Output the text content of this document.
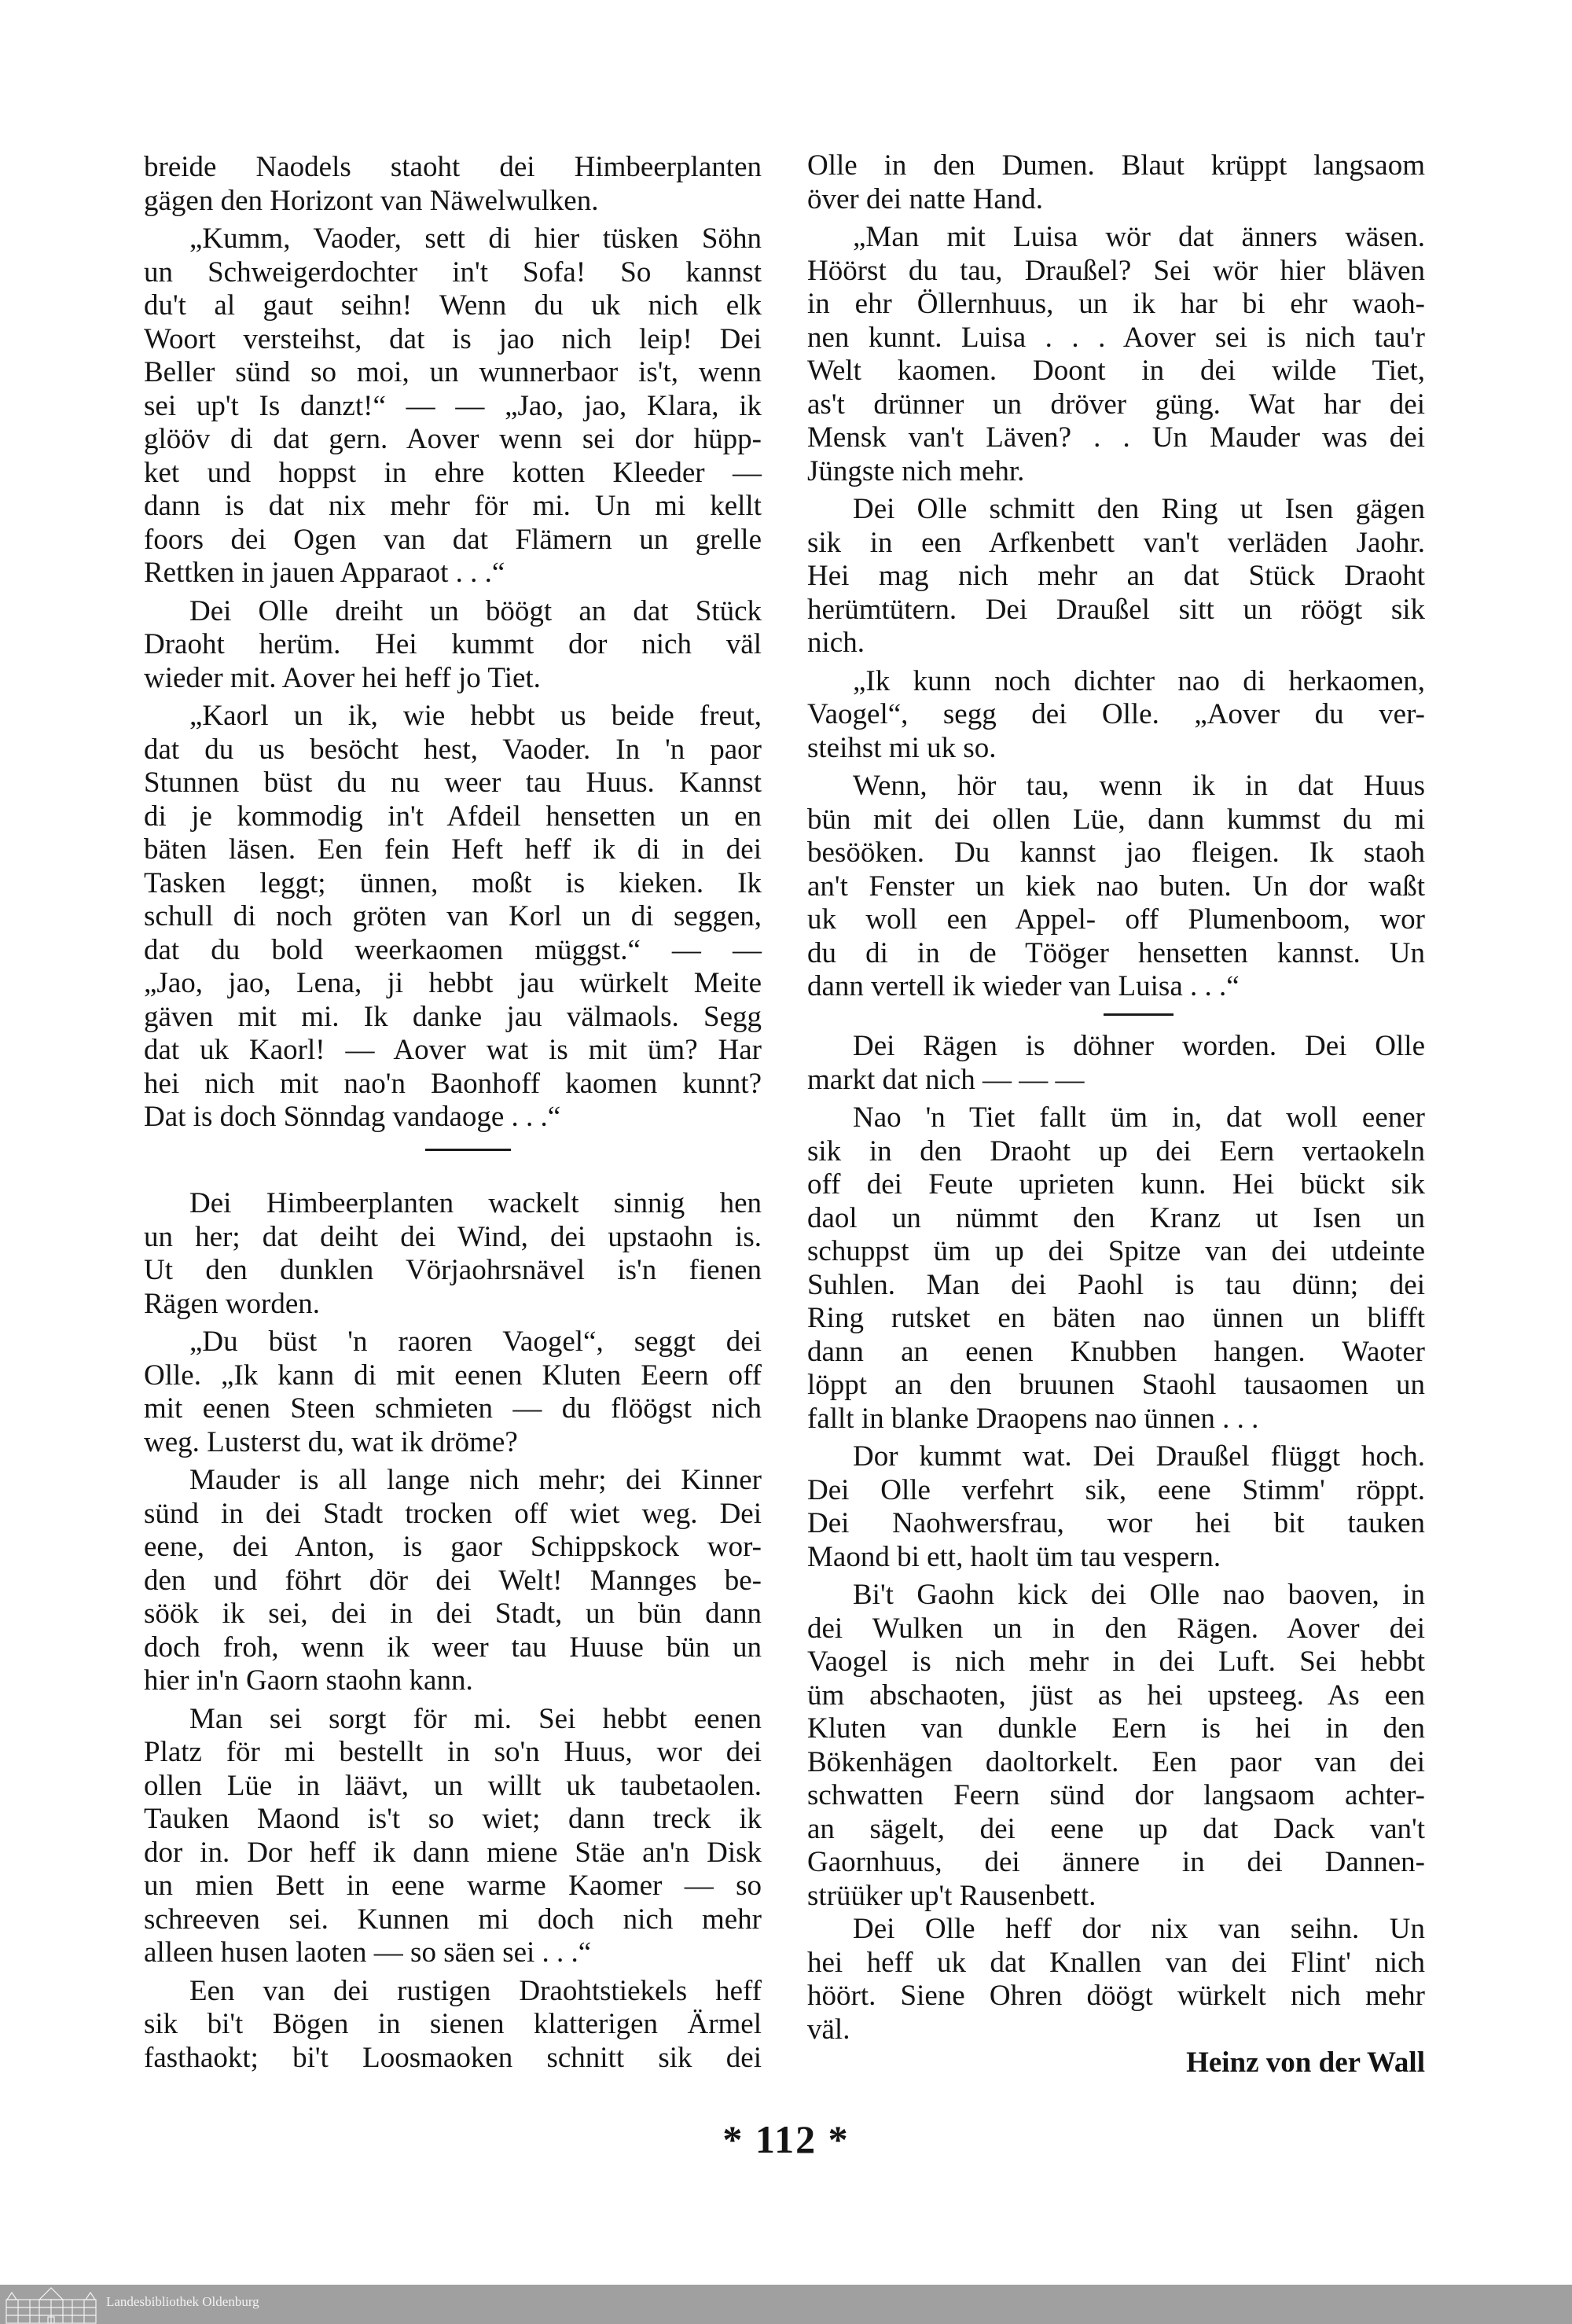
breide Naodels staoht dei Himbeerplanten
gägen den Horizont van Näwelwulken.
„Kumm, Vaoder, sett di hier tüsken Söhn
un Schweigerdochter in't Sofa! So kannst
du't al gaut seihn! Wenn du uk nich elk
Woort versteihst, dat is jao nich leip! Dei
Beller sünd so moi, un wunnerbaor is't, wenn
sei up't Is danzt!“ — — „Jao, jao, Klara, ik
glööv di dat gern. Aover wenn sei dor hüpp-
ket und hoppst in ehre kotten Kleeder —
dann is dat nix mehr för mi. Un mi kellt
foors dei Ogen van dat Flämern un grelle
Rettken in jauen Apparaot . . .“
Dei Olle dreiht un böögt an dat Stück
Draoht herüm. Hei kummt dor nich väl
wieder mit. Aover hei heff jo Tiet.
„Kaorl un ik, wie hebbt us beide freut,
dat du us besöcht hest, Vaoder. In 'n paor
Stunnen büst du nu weer tau Huus. Kannst
di je kommodig in't Afdeil hensetten un en
bäten läsen. Een fein Heft heff ik di in dei
Tasken leggt; ünnen, moßt is kieken. Ik
schull di noch gröten van Korl un di seggen,
dat du bold weerkaomen müggst.“ — —
„Jao, jao, Lena, ji hebbt jau würkelt Meite
gäven mit mi. Ik danke jau välmaols. Segg
dat uk Kaorl! — Aover wat is mit üm? Har
hei nich mit nao'n Baonhoff kaomen kunnt?
Dat is doch Sönndag vandaoge . . .“
Dei Himbeerplanten wackelt sinnig hen
un her; dat deiht dei Wind, dei upstaohn is.
Ut den dunklen Vörjaohrsnävel is'n fienen
Rägen worden.
„Du büst 'n raoren Vaogel“, seggt dei
Olle. „Ik kann di mit eenen Kluten Eeern off
mit eenen Steen schmieten — du flöögst nich
weg. Lusterst du, wat ik dröme?
Mauder is all lange nich mehr; dei Kinner
sünd in dei Stadt trocken off wiet weg. Dei
eene, dei Anton, is gaor Schippskock wor-
den und föhrt dör dei Welt! Mannges be-
söök ik sei, dei in dei Stadt, un bün dann
doch froh, wenn ik weer tau Huuse bün un
hier in'n Gaorn staohn kann.
Man sei sorgt för mi. Sei hebbt eenen
Platz för mi bestellt in so'n Huus, wor dei
ollen Lüe in läävt, un willt uk taubetaolen.
Tauken Maond is't so wiet; dann treck ik
dor in. Dor heff ik dann miene Stäe an'n Disk
un mien Bett in eene warme Kaomer — so
schreeven sei. Kunnen mi doch nich mehr
alleen husen laoten — so säen sei . . .“
Een van dei rustigen Draohtstiekels heff
sik bi't Bögen in sienen klatterigen Ärmel
fasthaokt; bi't Loosmaoken schnitt sik dei
Olle in den Dumen. Blaut krüppt langsaom
över dei natte Hand.
„Man mit Luisa wör dat änners wäsen.
Höörst du tau, Draußel? Sei wör hier bläven
in ehr Öllernhuus, un ik har bi ehr waoh-
nen kunnt. Luisa . . . Aover sei is nich tau'r
Welt kaomen. Doont in dei wilde Tiet,
as't drünner un dröver güng. Wat har dei
Mensk van't Läven? . . Un Mauder was dei
Jüngste nich mehr.
Dei Olle schmitt den Ring ut Isen gägen
sik in een Arfkenbett van't verläden Jaohr.
Hei mag nich mehr an dat Stück Draoht
herümtütern. Dei Draußel sitt un röögt sik
nich.
„Ik kunn noch dichter nao di herkaomen,
Vaogel“, segg dei Olle. „Aover du ver-
steihst mi uk so.
Wenn, hör tau, wenn ik in dat Huus
bün mit dei ollen Lüe, dann kummst du mi
besööken. Du kannst jao fleigen. Ik staoh
an't Fenster un kiek nao buten. Un dor waßt
uk woll een Appel- off Plumenboom, wor
du di in de Tööger hensetten kannst. Un
dann vertell ik wieder van Luisa . . .“
Dei Rägen is döhner worden. Dei Olle
markt dat nich — — —
Nao 'n Tiet fallt üm in, dat woll eener
sik in den Draoht up dei Eern vertaokeln
off dei Feute uprieten kunn. Hei bückt sik
daol un nümmt den Kranz ut Isen un
schuppst üm up dei Spitze van dei utdeinte
Suhlen. Man dei Paohl is tau dünn; dei
Ring rutsket en bäten nao ünnen un blifft
dann an eenen Knubben hangen. Waoter
löppt an den bruunen Staohl tausaomen un
fallt in blanke Draopens nao ünnen . . .
Dor kummt wat. Dei Draußel flüggt hoch.
Dei Olle verfehrt sik, eene Stimm' röppt.
Dei Naohwersfrau, wor hei bit tauken
Maond bi ett, haolt üm tau vespern.
Bi't Gaohn kick dei Olle nao baoven, in
dei Wulken un in den Rägen. Aover dei
Vaogel is nich mehr in dei Luft. Sei hebbt
üm abschaoten, jüst as hei upsteeg. As een
Kluten van dunkle Eern is hei in den
Bökenhägen daoltorkelt. Een paor van dei
schwatten Feern sünd dor langsaom achter-
an sägelt, dei eene up dat Dack van't
Gaornhuus, dei ännere in dei Dannen-
strüüker up't Rausenbett.
Dei Olle heff dor nix van seihn. Un
hei heff uk dat Knallen van dei Flint' nich
höört. Siene Ohren döögt würkelt nich mehr
väl.
Heinz von der Wall
* 112 *
Landesbibliothek Oldenburg
